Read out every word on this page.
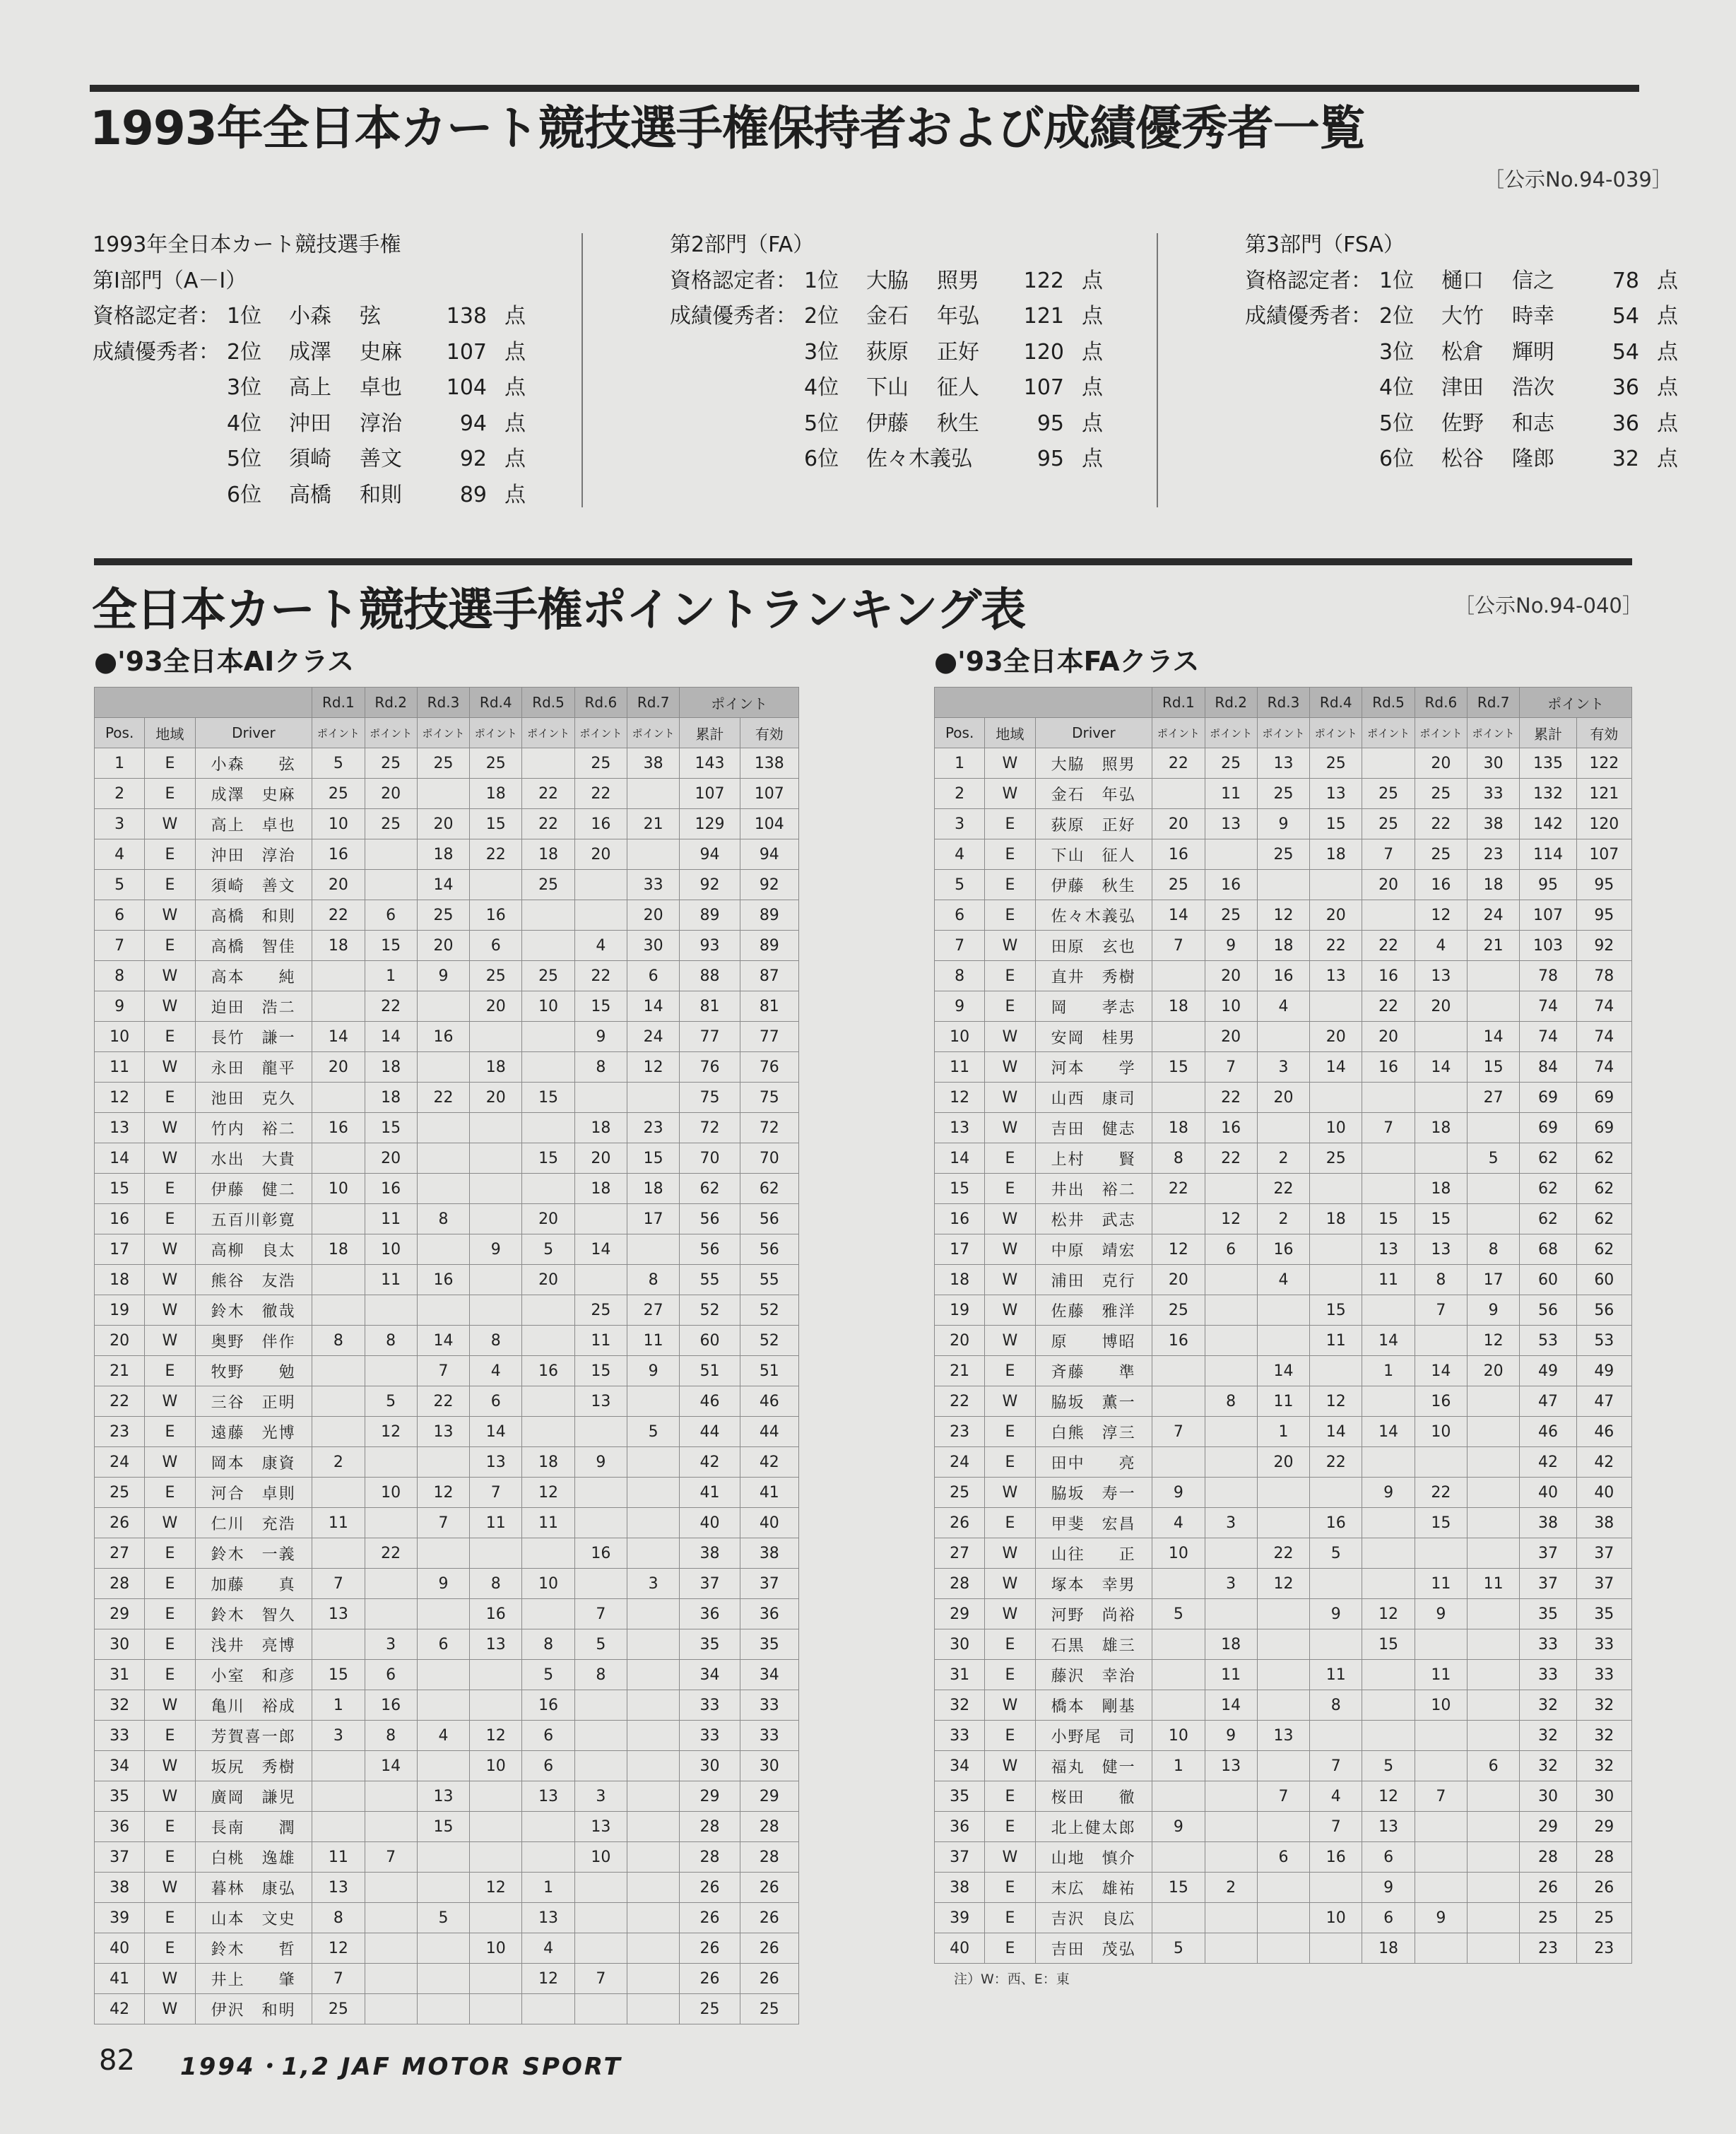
1993年全日本カート競技選手権保持者および成績優秀者一覧
［公示No.94-039］
1993年全日本カート競技選手権
第Ⅰ部門（A－Ⅰ）
資格認定者： 1位	小森	弦	138 点
成績優秀者： 2位	成澤	史麻	107 点
3位	高上	卓也	104 点
4位	沖田	淳治	94 点
5位	須崎	善文	92 点
6位	高橋	和則	89 点
第2部門（FA）
資格認定者： 1位	大脇	照男	122 点
成績優秀者： 2位	金石	年弘	121 点
3位	荻原	正好	120 点
4位	下山	征人	107 点
5位	伊藤	秋生	95 点
6位	佐々木義弘	95 点
第3部門（FSA）
資格認定者： 1位	樋口	信之	78 点
成績優秀者： 2位	大竹	時幸	54 点
3位	松倉	輝明	54 点
4位	津田	浩次	36 点
5位	佐野	和志	36 点
6位	松谷	隆郎	32 点
全日本カート競技選手権ポイントランキング表	［公示No.94-040］
●'93全日本AⅠクラス	●'93全日本FAクラス
			Rd.1	Rd.2	Rd.3	Rd.4	Rd.5	Rd.6	Rd.7	ポイント	
Pos.	地域	Driver	ポイント	ポイント	ポイント	ポイント	ポイント	ポイント	ポイント	累計	有効
1	E	小森　　弦	5	25	25	25		25	38	143	138
2	E	成澤　史麻	25	20		18	22	22		107	107
3	W	高上　卓也	10	25	20	15	22	16	21	129	104
4	E	沖田　淳治	16		18	22	18	20		94	94
5	E	須崎　善文	20		14		25		33	92	92
6	W	高橋　和則	22	6	25	16			20	89	89
7	E	高橋　智佳	18	15	20	6		4	30	93	89
8	W	高本　　純		1	9	25	25	22	6	88	87
9	W	迫田　浩二		22		20	10	15	14	81	81
10	E	長竹　謙一	14	14	16			9	24	77	77
11	W	永田　龍平	20	18		18		8	12	76	76
12	E	池田　克久		18	22	20	15			75	75
13	W	竹内　裕二	16	15				18	23	72	72
14	W	水出　大貴		20			15	20	15	70	70
15	E	伊藤　健二	10	16				18	18	62	62
16	E	五百川彰寛		11	8		20		17	56	56
17	W	高柳　良太	18	10		9	5	14		56	56
18	W	熊谷　友浩		11	16		20		8	55	55
19	W	鈴木　徹哉						25	27	52	52
20	W	奥野　伴作	8	8	14	8		11	11	60	52
21	E	牧野　　勉			7	4	16	15	9	51	51
22	W	三谷　正明		5	22	6		13		46	46
23	E	遠藤　光博		12	13	14			5	44	44
24	W	岡本　康資	2			13	18	9		42	42
25	E	河合　卓則		10	12	7	12			41	41
26	W	仁川　充浩	11		7	11	11			40	40
27	E	鈴木　一義		22				16		38	38
28	E	加藤　　真	7		9	8	10		3	37	37
29	E	鈴木　智久	13			16		7		36	36
30	E	浅井　亮博		3	6	13	8	5		35	35
31	E	小室　和彦	15	6			5	8		34	34
32	W	亀川　裕成	1	16			16			33	33
33	E	芳賀喜一郎	3	8	4	12	6			33	33
34	W	坂尻　秀樹		14		10	6			30	30
35	W	廣岡　謙児			13		13	3		29	29
36	E	長南　　潤			15			13		28	28
37	E	白桃　逸雄	11	7				10		28	28
38	W	暮林　康弘	13			12	1			26	26
39	E	山本　文史	8		5		13			26	26
40	E	鈴木　　哲	12			10	4			26	26
41	W	井上　　肇	7				12	7		26	26
42	W	伊沢　和明	25							25	25
			Rd.1	Rd.2	Rd.3	Rd.4	Rd.5	Rd.6	Rd.7	ポイント	
Pos.	地域	Driver	ポイント	ポイント	ポイント	ポイント	ポイント	ポイント	ポイント	累計	有効
1	W	大脇　照男	22	25	13	25		20	30	135	122
2	W	金石　年弘		11	25	13	25	25	33	132	121
3	E	荻原　正好	20	13	9	15	25	22	38	142	120
4	E	下山　征人	16		25	18	7	25	23	114	107
5	E	伊藤　秋生	25	16			20	16	18	95	95
6	E	佐々木義弘	14	25	12	20		12	24	107	95
7	W	田原　玄也	7	9	18	22	22	4	21	103	92
8	E	直井　秀樹		20	16	13	16	13		78	78
9	E	岡　　孝志	18	10	4		22	20		74	74
10	W	安岡　桂男		20		20	20		14	74	74
11	W	河本　　学	15	7	3	14	16	14	15	84	74
12	W	山西　康司		22	20				27	69	69
13	W	吉田　健志	18	16		10	7	18		69	69
14	E	上村　　賢	8	22	2	25			5	62	62
15	E	井出　裕二	22		22			18		62	62
16	W	松井　武志		12	2	18	15	15		62	62
17	W	中原　靖宏	12	6	16		13	13	8	68	62
18	W	浦田　克行	20		4		11	8	17	60	60
19	W	佐藤　雅洋	25			15		7	9	56	56
20	W	原　　博昭	16			11	14		12	53	53
21	E	斉藤　　準			14		1	14	20	49	49
22	W	脇坂　薫一		8	11	12		16		47	47
23	E	白熊　淳三	7		1	14	14	10		46	46
24	E	田中　　亮			20	22				42	42
25	W	脇坂　寿一	9				9	22		40	40
26	E	甲斐　宏昌	4	3		16		15		38	38
27	W	山往　　正	10		22	5				37	37
28	W	塚本　幸男		3	12			11	11	37	37
29	W	河野　尚裕	5			9	12	9		35	35
30	E	石黒　雄三		18			15			33	33
31	E	藤沢　幸治		11		11		11		33	33
32	W	橋本　剛基		14		8		10		32	32
33	E	小野尾　司	10	9	13					32	32
34	W	福丸　健一	1	13		7	5		6	32	32
35	E	桜田　　徹			7	4	12	7		30	30
36	E	北上健太郎	9			7	13			29	29
37	W	山地　慎介			6	16	6			28	28
38	E	末広　雄祐	15	2			9			26	26
39	E	吉沢　良広				10	6	9		25	25
40	E	吉田　茂弘	5				18			23	23
注）W：西、E：東
82 1994・1,2 JAF MOTOR SPORT
